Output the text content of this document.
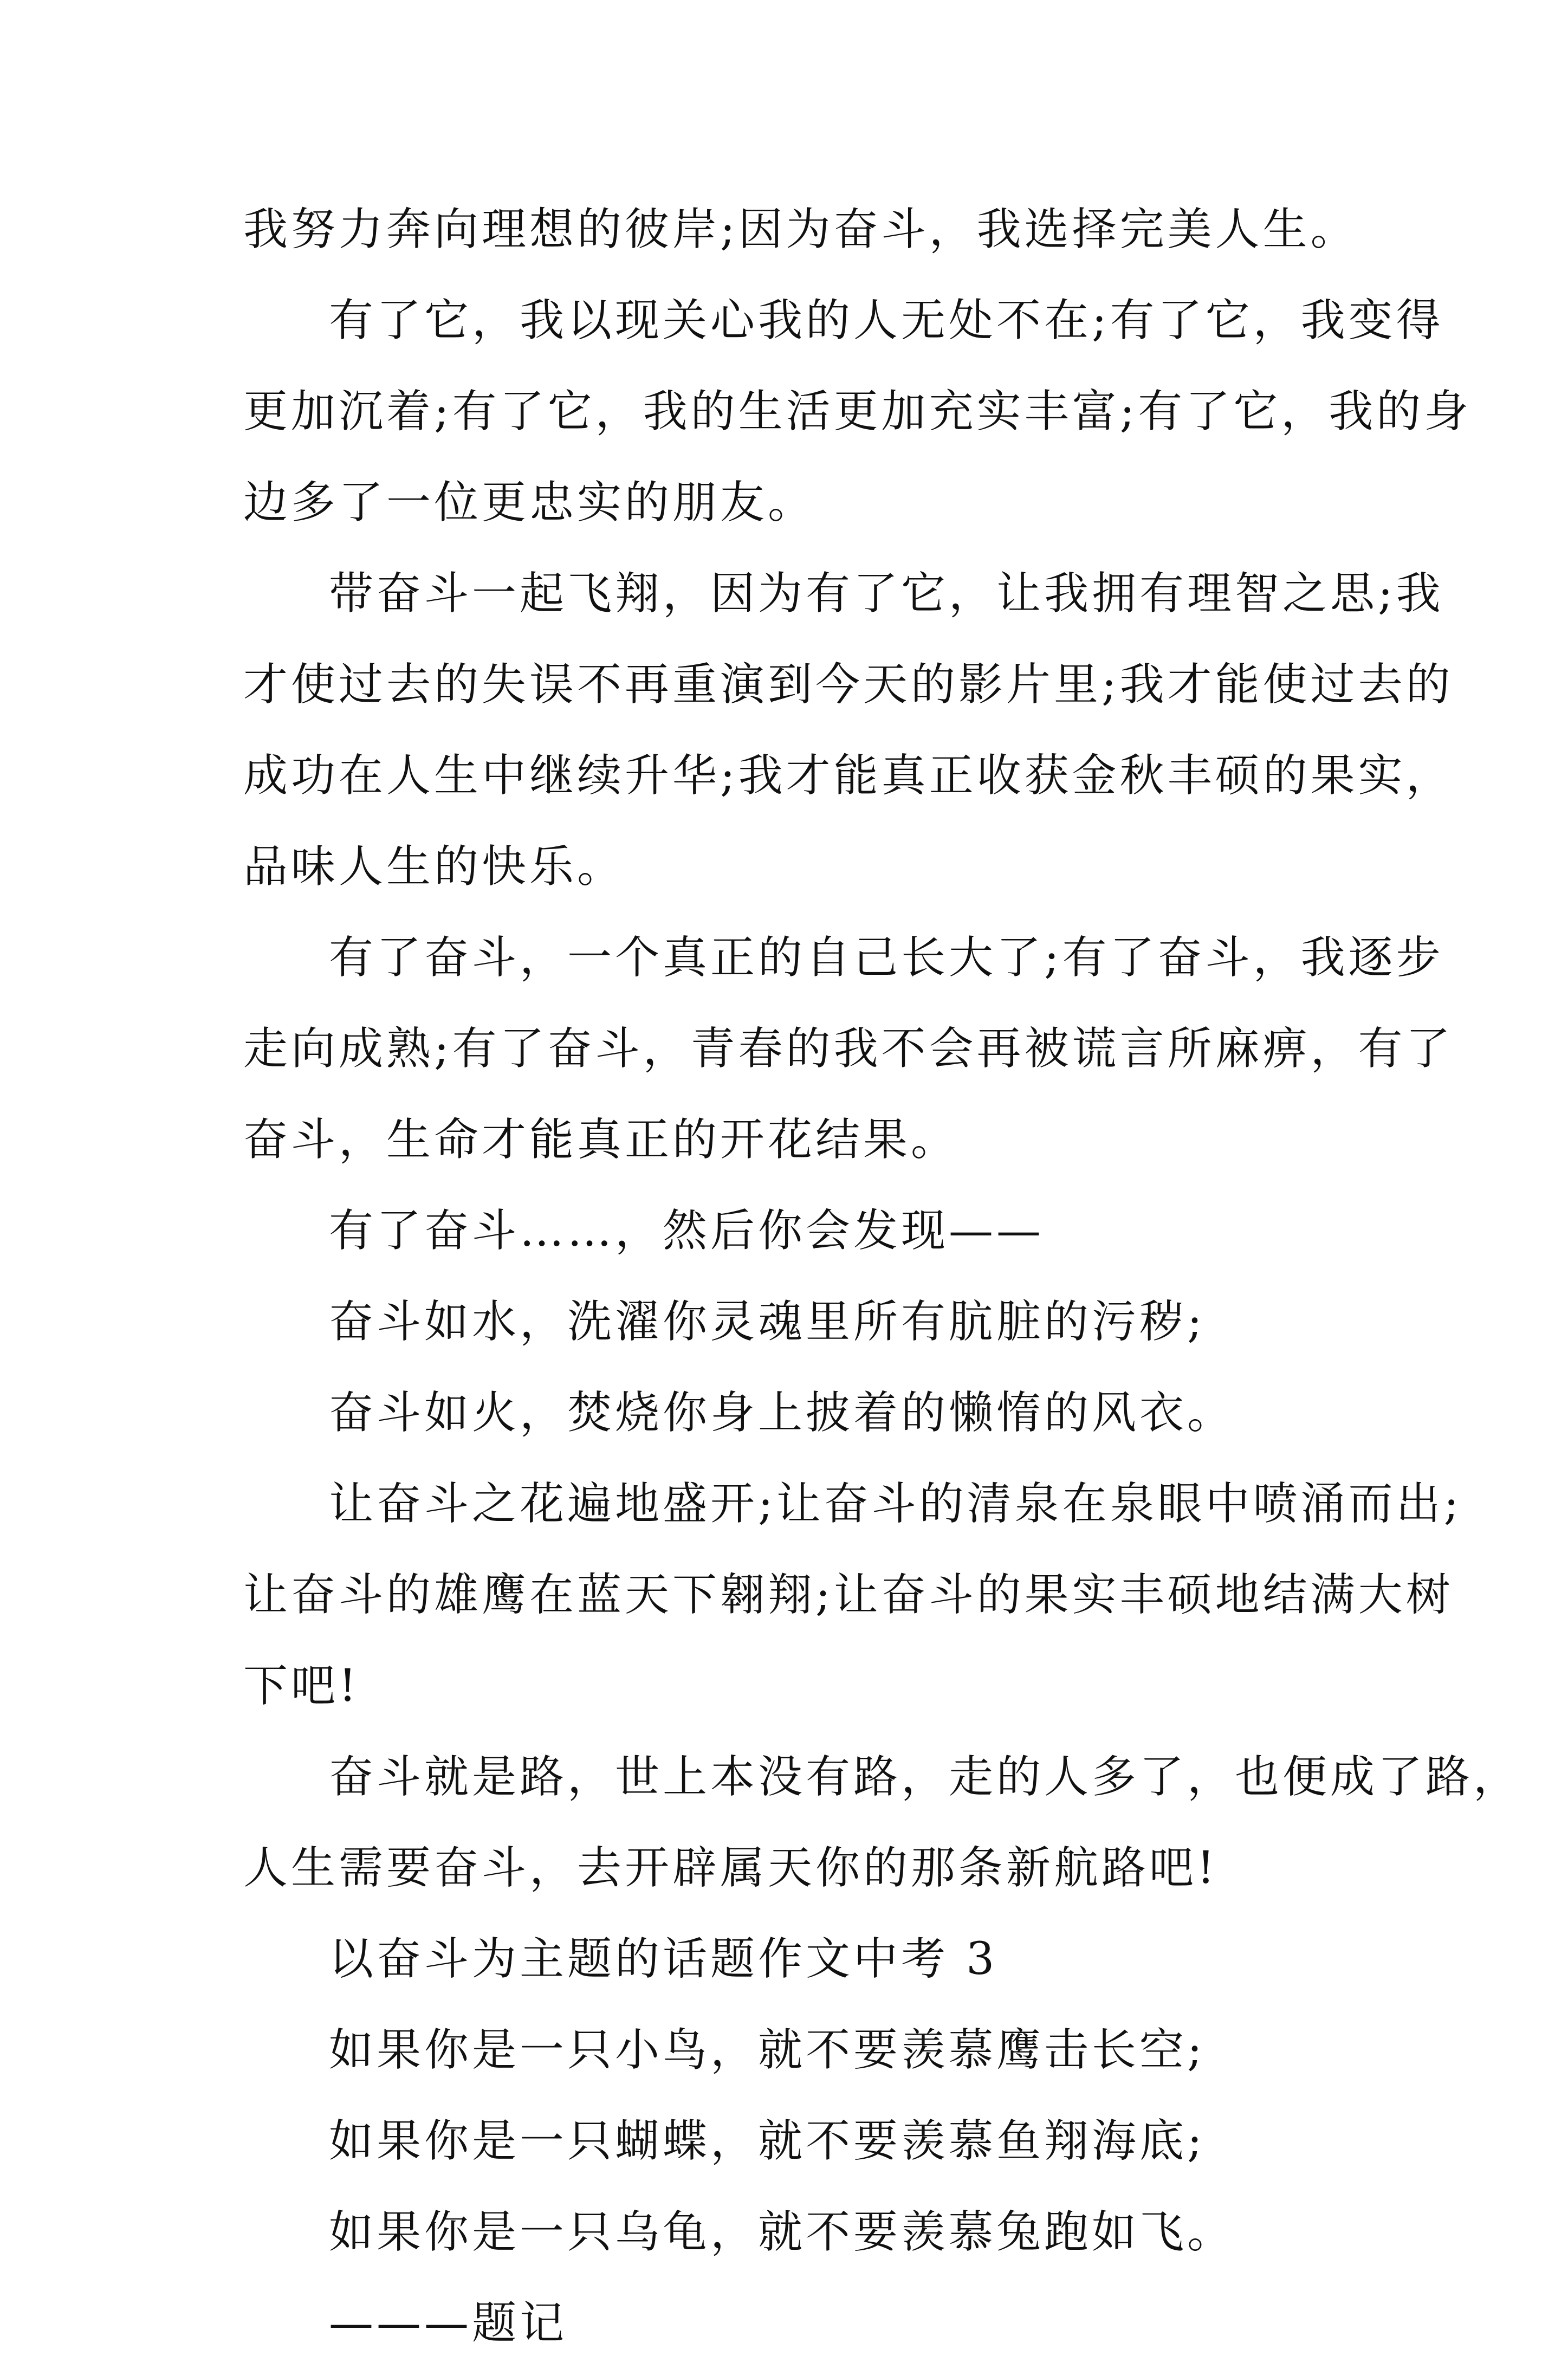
我努力奔向理想的彼岸;因为奋斗，我选择完美人生。
有了它，我以现关心我的人无处不在;有了它，我变得
更加沉着;有了它，我的生活更加充实丰富;有了它，我的身
边多了一位更忠实的朋友。
带奋斗一起飞翔，因为有了它，让我拥有理智之思;我
才使过去的失误不再重演到今天的影片里;我才能使过去的
成功在人生中继续升华;我才能真正收获金秋丰硕的果实，
品味人生的快乐。
有了奋斗，一个真正的自己长大了;有了奋斗，我逐步
走向成熟;有了奋斗，青春的我不会再被谎言所麻痹，有了
奋斗，生命才能真正的开花结果。
有了奋斗……，然后你会发现——
奋斗如水，洗濯你灵魂里所有肮脏的污秽;
奋斗如火，焚烧你身上披着的懒惰的风衣。
让奋斗之花遍地盛开;让奋斗的清泉在泉眼中喷涌而出;
让奋斗的雄鹰在蓝天下翱翔;让奋斗的果实丰硕地结满大树
下吧!
奋斗就是路，世上本没有路，走的人多了，也便成了路，
人生需要奋斗，去开辟属天你的那条新航路吧!
以奋斗为主题的话题作文中考 3
如果你是一只小鸟，就不要羡慕鹰击长空;
如果你是一只蝴蝶，就不要羡慕鱼翔海底;
如果你是一只乌龟，就不要羡慕兔跑如飞。
———题记
